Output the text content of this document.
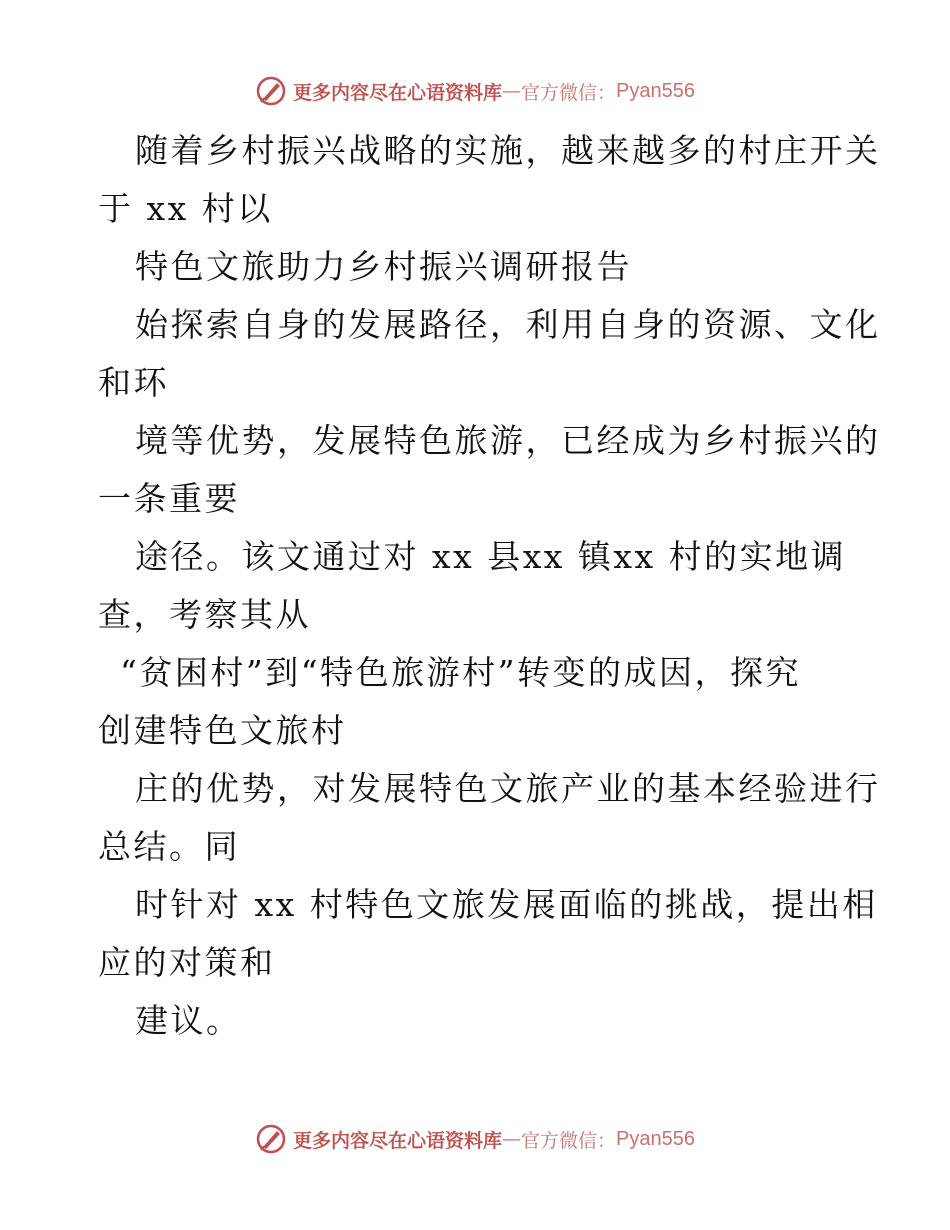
更多内容尽在心语资料库 — 官方微信： Pyan556
随着乡村振兴战略的实施，越来越多的村庄开关
于 xx 村以
特色文旅助力乡村振兴调研报告
始探索自身的发展路径，利用自身的资源、文化
和环
境等优势，发展特色旅游，已经成为乡村振兴的
一条重要
途径。该文通过对 xx 县xx 镇xx 村的实地调
查，考察其从
“贫困村”到“特色旅游村”转变的成因，探究
创建特色文旅村
庄的优势，对发展特色文旅产业的基本经验进行
总结。同
时针对 xx 村特色文旅发展面临的挑战，提出相
应的对策和
建议。
更多内容尽在心语资料库 — 官方微信： Pyan556
